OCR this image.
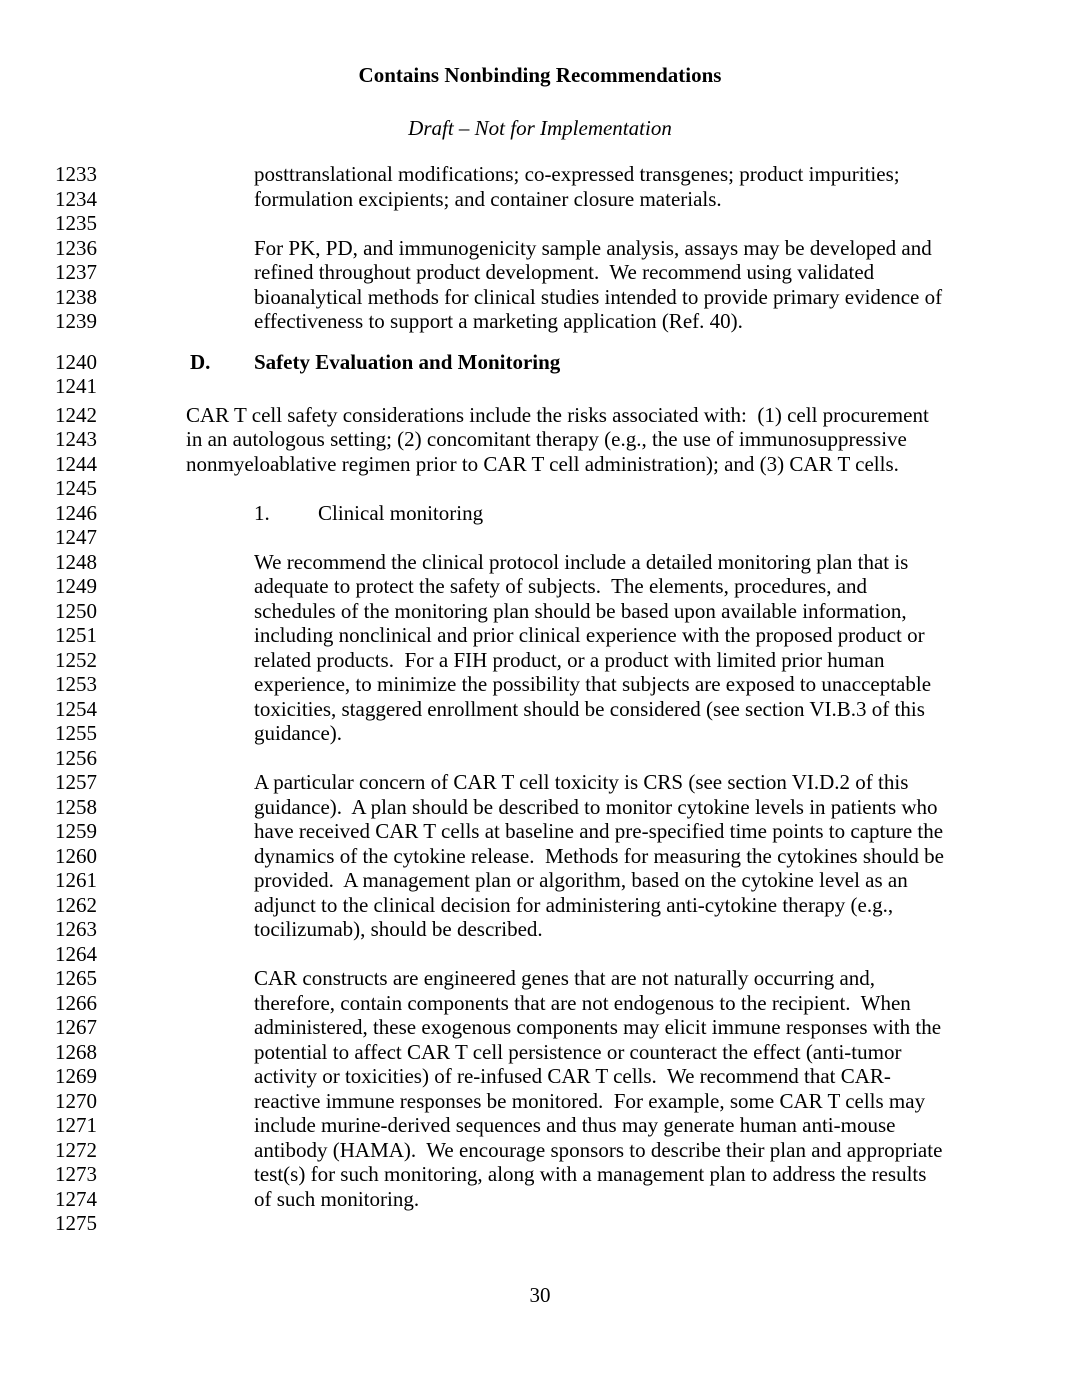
Contains Nonbinding Recommendations
Draft – Not for Implementation
1233	posttranslational modifications; co-expressed transgenes; product impurities;
1234	formulation excipients; and container closure materials.
1235
1236	For PK, PD, and immunogenicity sample analysis, assays may be developed and
1237	refined throughout product development.  We recommend using validated
1238	bioanalytical methods for clinical studies intended to provide primary evidence of
1239	effectiveness to support a marketing application (Ref. 40).
1240	D. Safety Evaluation and Monitoring
1241
1242	CAR T cell safety considerations include the risks associated with:  (1) cell procurement
1243	in an autologous setting; (2) concomitant therapy (e.g., the use of immunosuppressive
1244	nonmyeloablative regimen prior to CAR T cell administration); and (3) CAR T cells.
1245
1246	1. Clinical monitoring
1247
1248	We recommend the clinical protocol include a detailed monitoring plan that is
1249	adequate to protect the safety of subjects.  The elements, procedures, and
1250	schedules of the monitoring plan should be based upon available information,
1251	including nonclinical and prior clinical experience with the proposed product or
1252	related products.  For a FIH product, or a product with limited prior human
1253	experience, to minimize the possibility that subjects are exposed to unacceptable
1254	toxicities, staggered enrollment should be considered (see section VI.B.3 of this
1255	guidance).
1256
1257	A particular concern of CAR T cell toxicity is CRS (see section VI.D.2 of this
1258	guidance).  A plan should be described to monitor cytokine levels in patients who
1259	have received CAR T cells at baseline and pre-specified time points to capture the
1260	dynamics of the cytokine release.  Methods for measuring the cytokines should be
1261	provided.  A management plan or algorithm, based on the cytokine level as an
1262	adjunct to the clinical decision for administering anti-cytokine therapy (e.g.,
1263	tocilizumab), should be described.
1264
1265	CAR constructs are engineered genes that are not naturally occurring and,
1266	therefore, contain components that are not endogenous to the recipient.  When
1267	administered, these exogenous components may elicit immune responses with the
1268	potential to affect CAR T cell persistence or counteract the effect (anti-tumor
1269	activity or toxicities) of re-infused CAR T cells.  We recommend that CAR-
1270	reactive immune responses be monitored.  For example, some CAR T cells may
1271	include murine-derived sequences and thus may generate human anti-mouse
1272	antibody (HAMA).  We encourage sponsors to describe their plan and appropriate
1273	test(s) for such monitoring, along with a management plan to address the results
1274	of such monitoring.
1275
30
